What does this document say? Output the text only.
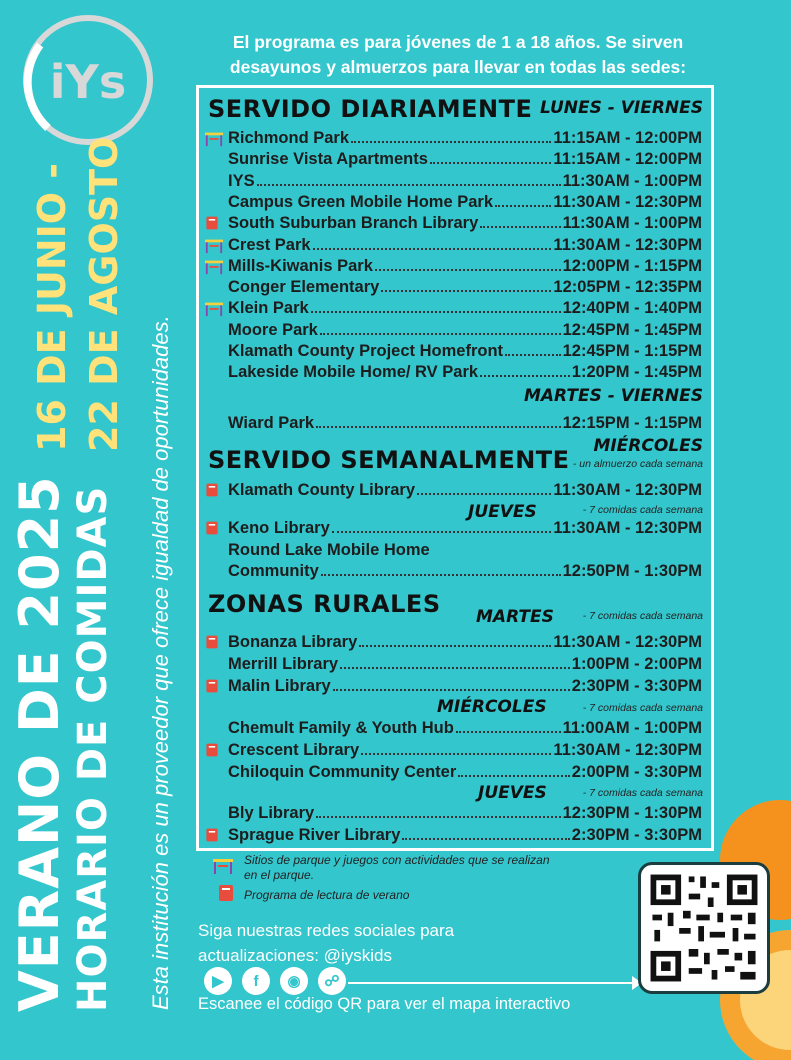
iYs
VERANO DE 2025 HORARIO DE COMIDAS
16 DE JUNIO - 22 DE AGOSTO
Esta institución es un proveedor que ofrece igualdad de oportunidades.
El programa es para jóvenes de 1 a 18 años. Se sirven desayunos y almuerzos para llevar en todas las sedes:
SERVIDO DIARIAMENTE LUNES - VIERNES
Richmond Park	11:15AM - 12:00PM
Sunrise Vista Apartments	11:15AM - 12:00PM
IYS	11:30AM - 1:00PM
Campus Green Mobile Home Park	11:30AM - 12:30PM
South Suburban Branch Library	11:30AM - 1:00PM
Crest Park	11:30AM - 12:30PM
Mills-Kiwanis Park	12:00PM - 1:15PM
Conger Elementary	12:05PM - 12:35PM
Klein Park	12:40PM - 1:40PM
Moore Park	12:45PM - 1:45PM
Klamath County Project Homefront	12:45PM - 1:15PM
Lakeside Mobile Home/ RV Park	1:20PM - 1:45PM
MARTES - VIERNES
Wiard Park	12:15PM - 1:15PM
SERVIDO SEMANALMENTE MIÉRCOLES
- un almuerzo cada semana
Klamath County Library	11:30AM - 12:30PM
JUEVES	- 7 comidas cada semana
Keno Library	11:30AM - 12:30PM
Round Lake Mobile Home
Community	12:50PM - 1:30PM
ZONAS RURALES MARTES	- 7 comidas cada semana
Bonanza Library	11:30AM - 12:30PM
Merrill Library	1:00PM - 2:00PM
Malin Library	2:30PM - 3:30PM
MIÉRCOLES	- 7 comidas cada semana
Chemult Family & Youth Hub	11:00AM - 1:00PM
Crescent Library	11:30AM - 12:30PM
Chiloquin Community Center	2:00PM - 3:30PM
JUEVES	- 7 comidas cada semana
Bly Library	12:30PM - 1:30PM
Sprague River Library	2:30PM - 3:30PM
Sitios de parque y juegos con actividades que se realizan
en el parque.
Programa de lectura de verano
Siga nuestras redes sociales para
actualizaciones: @iyskids
▶	f	◉	☍
Escanee el código QR para ver el mapa interactivo
